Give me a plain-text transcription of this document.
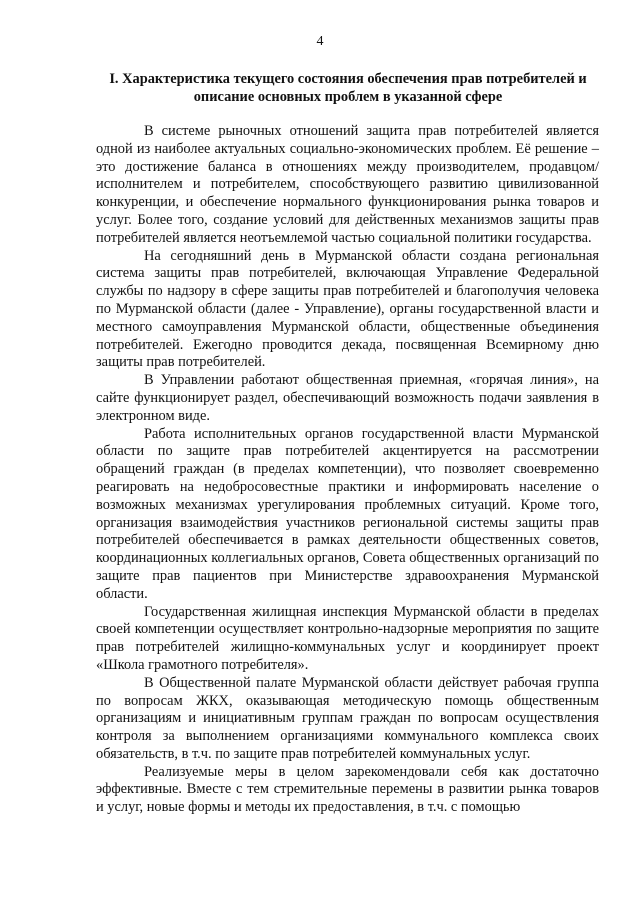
4
I. Характеристика текущего состояния обеспечения прав потребителей и описание основных проблем в указанной сфере

В системе рыночных отношений защита прав потребителей является одной из наиболее актуальных социально-экономических проблем. Её решение – это достижение баланса в отношениях между производителем, продавцом/исполнителем и потребителем, способствующего развитию цивилизованной конкуренции, и обеспечение нормального функционирования рынка товаров и услуг. Более того, создание условий для действенных механизмов защиты прав потребителей является неотъемлемой частью социальной политики государства.

На сегодняшний день в Мурманской области создана региональная система защиты прав потребителей, включающая Управление Федеральной службы по надзору в сфере защиты прав потребителей и благополучия человека по Мурманской области (далее - Управление), органы государственной власти и местного самоуправления Мурманской области, общественные объединения потребителей. Ежегодно проводится декада, посвященная Всемирному дню защиты прав потребителей.

В Управлении работают общественная приемная, «горячая линия», на сайте функционирует раздел, обеспечивающий возможность подачи заявления в электронном виде.

Работа исполнительных органов государственной власти Мурманской области по защите прав потребителей акцентируется на рассмотрении обращений граждан (в пределах компетенции), что позволяет своевременно реагировать на недобросовестные практики и информировать население о возможных механизмах урегулирования проблемных ситуаций. Кроме того, организация взаимодействия участников региональной системы защиты прав потребителей обеспечивается в рамках деятельности общественных советов, координационных коллегиальных органов, Совета общественных организаций по защите прав пациентов при Министерстве здравоохранения Мурманской области.

Государственная жилищная инспекция Мурманской области в пределах своей компетенции осуществляет контрольно-надзорные мероприятия по защите прав потребителей жилищно-коммунальных услуг и координирует проект «Школа грамотного потребителя».

В Общественной палате Мурманской области действует рабочая группа по вопросам ЖКХ, оказывающая методическую помощь общественным организациям и инициативным группам граждан по вопросам осуществления контроля за выполнением организациями коммунального комплекса своих обязательств, в т.ч. по защите прав потребителей коммунальных услуг.

Реализуемые меры в целом зарекомендовали себя как достаточно эффективные. Вместе с тем стремительные перемены в развитии рынка товаров и услуг, новые формы и методы их предоставления, в т.ч. с помощью
